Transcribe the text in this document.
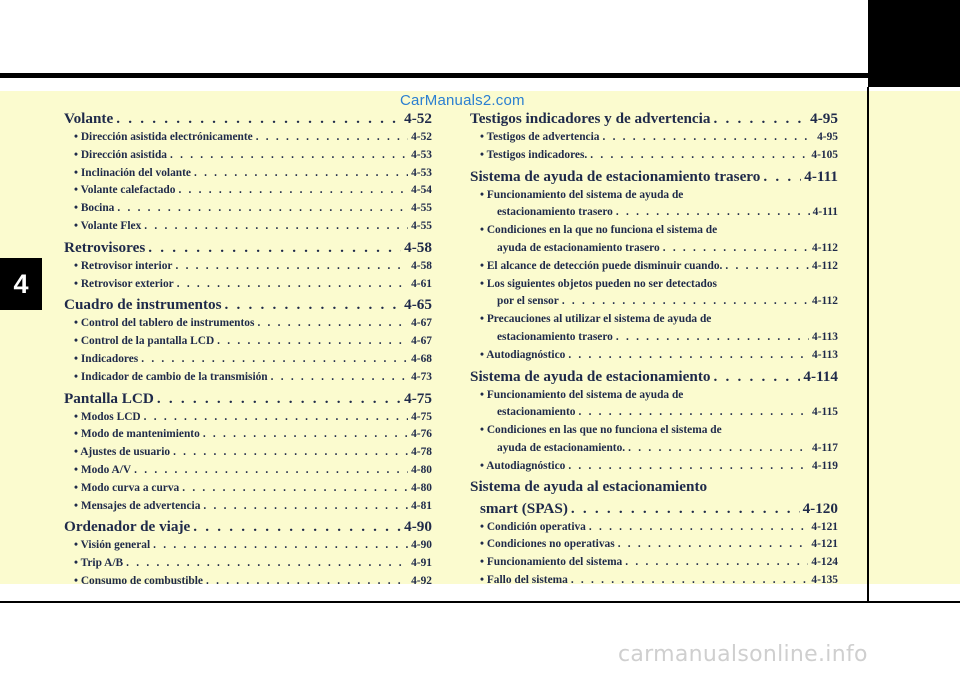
4
CarManuals2.com
Volante . . .	4-52
• Dirección asistida electrónicamente . . .	4-52
• Dirección asistida . . .	4-53
• Inclinación del volante . . .	4-53
• Volante calefactado . . .	4-54
• Bocina . . .	4-55
• Volante Flex . . .	4-55
Retrovisores . . .	4-58
• Retrovisor interior . . .	4-58
• Retrovisor exterior . . .	4-61
Cuadro de instrumentos . . .	4-65
• Control del tablero de instrumentos . . .	4-67
• Control de la pantalla LCD . . .	4-67
• Indicadores . . .	4-68
• Indicador de cambio de la transmisión . . .	4-73
Pantalla LCD . . .	4-75
• Modos LCD . . .	4-75
• Modo de mantenimiento . . .	4-76
• Ajustes de usuario . . .	4-78
• Modo A/V . . .	4-80
• Modo curva a curva . . .	4-80
• Mensajes de advertencia . . .	4-81
Ordenador de viaje . . .	4-90
• Visión general . . .	4-90
• Trip A/B . . .	4-91
• Consumo de combustible . . .	4-92
Testigos indicadores y de advertencia . . .	4-95
• Testigos de advertencia . . .	4-95
• Testigos indicadores. . . .	4-105
Sistema de ayuda de estacionamiento trasero . . .	4-111
• Funcionamiento del sistema de ayuda de
estacionamiento trasero . . .	4-111
• Condiciones en la que no funciona el sistema de
ayuda de estacionamiento trasero . . .	4-112
• El alcance de detección puede disminuir cuando. . . .	4-112
• Los siguientes objetos pueden no ser detectados
por el sensor . . .	4-112
• Precauciones al utilizar el sistema de ayuda de
estacionamiento trasero . . .	4-113
• Autodiagnóstico . . .	4-113
Sistema de ayuda de estacionamiento . . .	4-114
• Funcionamiento del sistema de ayuda de
estacionamiento . . .	4-115
• Condiciones en las que no funciona el sistema de
ayuda de estacionamiento. . . .	4-117
• Autodiagnóstico . . .	4-119
Sistema de ayuda al estacionamiento
smart (SPAS) . . .	4-120
• Condición operativa . . .	4-121
• Condiciones no operativas . . .	4-121
• Funcionamiento del sistema . . .	4-124
• Fallo del sistema . . .	4-135
carmanualsonline.info
